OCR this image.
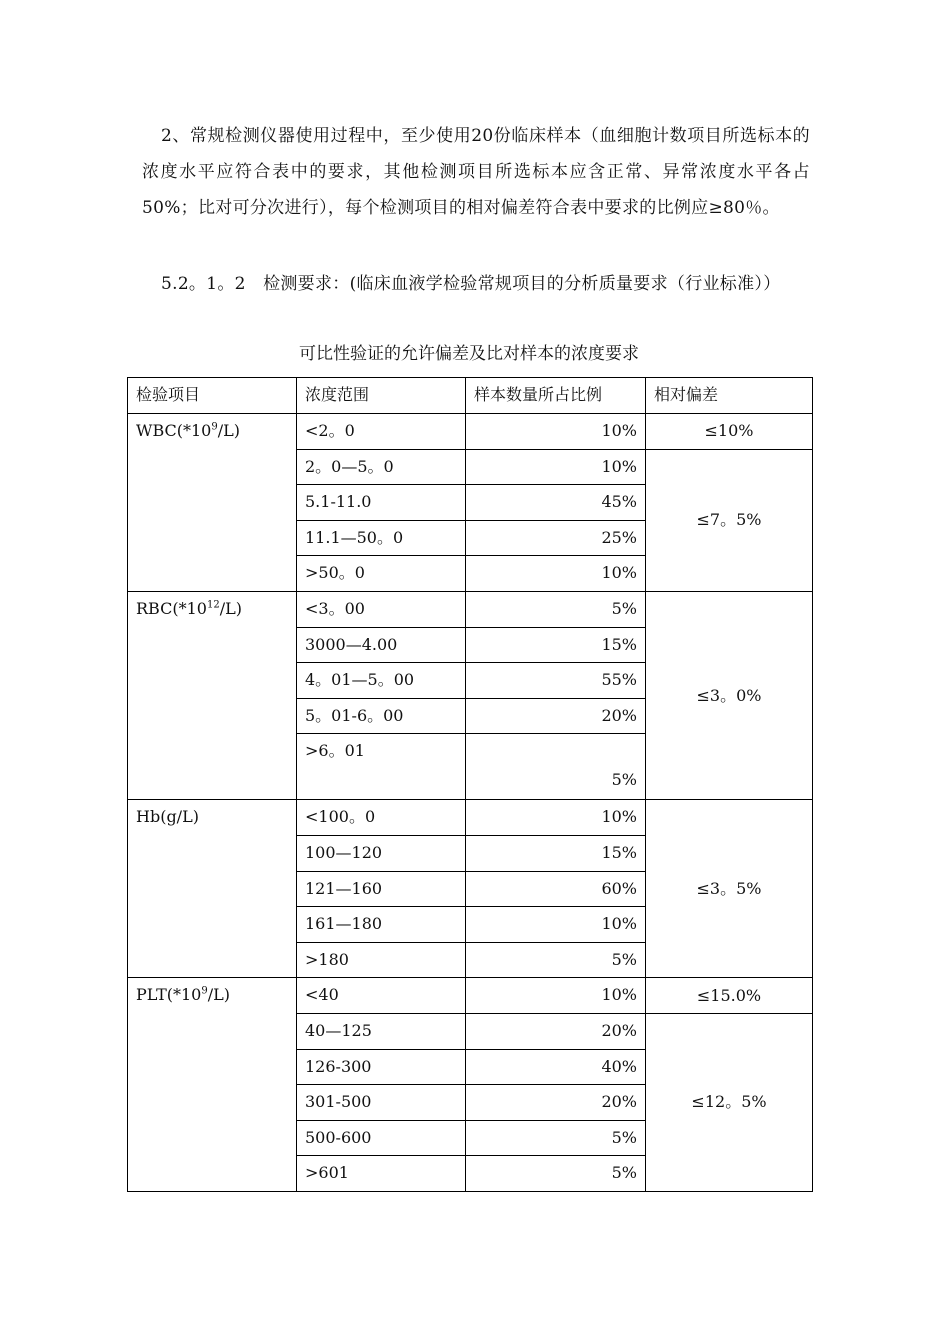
2、常规检测仪器使用过程中，至少使用20份临床样本（血细胞计数项目所选标本的浓度水平应符合表中的要求，其他检测项目所选标本应含正常、异常浓度水平各占50%；比对可分次进行），每个检测项目的相对偏差符合表中要求的比例应≥80％。

5.2。1。2　检测要求：(临床血液学检验常规项目的分析质量要求（行业标准））

可比性验证的允许偏差及比对样本的浓度要求

检验项目	浓度范围	样本数量所占比例	相对偏差
$WBC(*10^9/L)$	<2。0	10%	≤10%
	2。0—5。0	10%	≤7。5%
	5.1-11.0	45%	
	11.1—50。0	25%	
	>50。0	10%	
$RBC(*10^{12}/L)$	<3。00	5%	≤3。0%
	3000—4.00	15%	
	4。01—5。00	55%	
	5。01-6。00	20%	
	>6。01	5%	
Hb(g/L)	<100。0	10%	≤3。5%
	100—120	15%	
	121—160	60%	
	161—180	10%	
	>180	5%	
$PLT(*10^9/L)$	<40	10%	≤15.0%
	40—125	20%	≤12。5%
	126-300	40%	
	301-500	20%	
	500-600	5%	
	>601	5%	
